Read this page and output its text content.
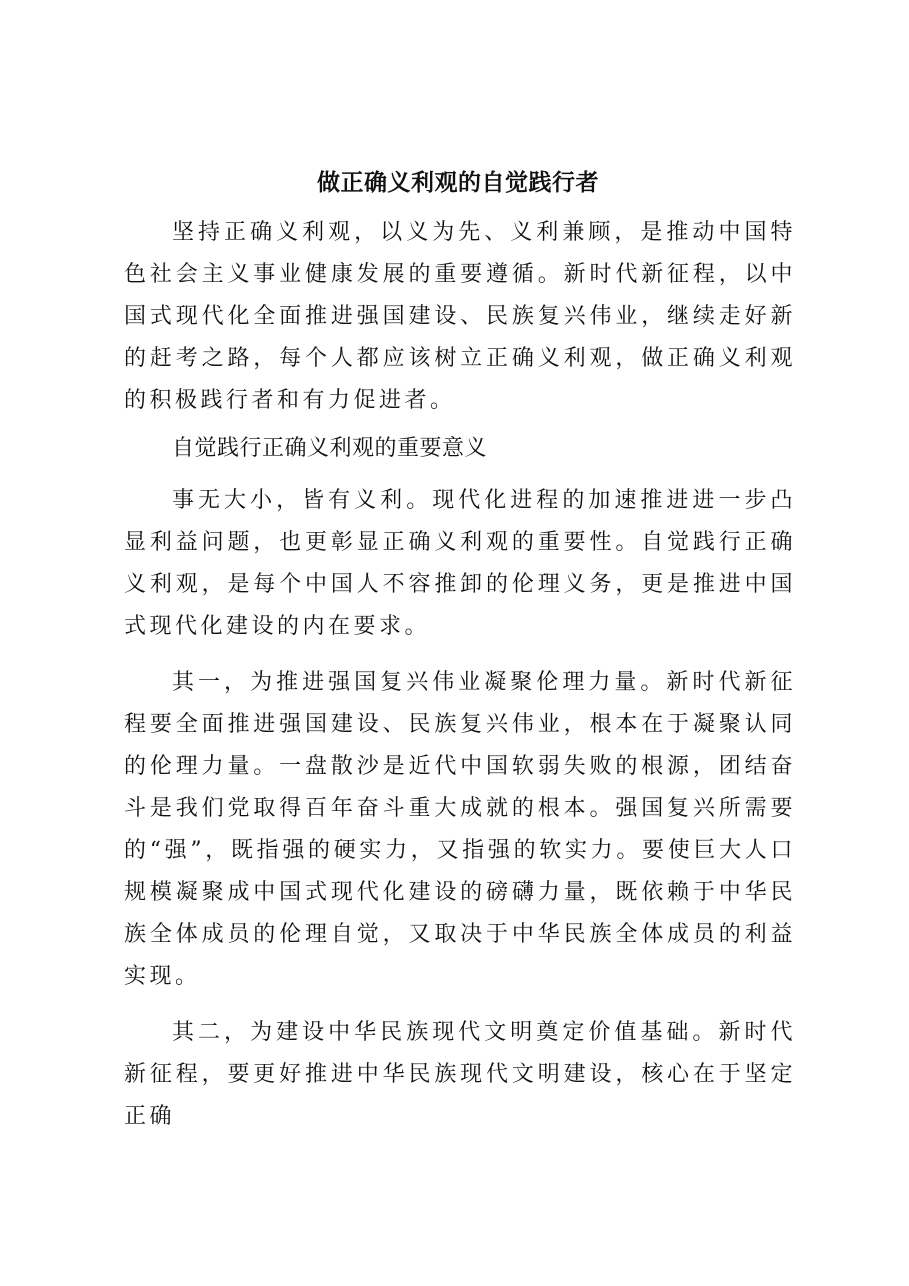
做正确义利观的自觉践行者

坚持正确义利观，以义为先、义利兼顾，是推动中国特色社会主义事业健康发展的重要遵循。新时代新征程，以中国式现代化全面推进强国建设、民族复兴伟业，继续走好新的赶考之路，每个人都应该树立正确义利观，做正确义利观的积极践行者和有力促进者。

自觉践行正确义利观的重要意义

事无大小，皆有义利。现代化进程的加速推进进一步凸显利益问题，也更彰显正确义利观的重要性。自觉践行正确义利观，是每个中国人不容推卸的伦理义务，更是推进中国式现代化建设的内在要求。

其一，为推进强国复兴伟业凝聚伦理力量。新时代新征程要全面推进强国建设、民族复兴伟业，根本在于凝聚认同的伦理力量。一盘散沙是近代中国软弱失败的根源，团结奋斗是我们党取得百年奋斗重大成就的根本。强国复兴所需要的“强”，既指强的硬实力，又指强的软实力。要使巨大人口规模凝聚成中国式现代化建设的磅礴力量，既依赖于中华民族全体成员的伦理自觉，又取决于中华民族全体成员的利益实现。

其二，为建设中华民族现代文明奠定价值基础。新时代新征程，要更好推进中华民族现代文明建设，核心在于坚定正确
